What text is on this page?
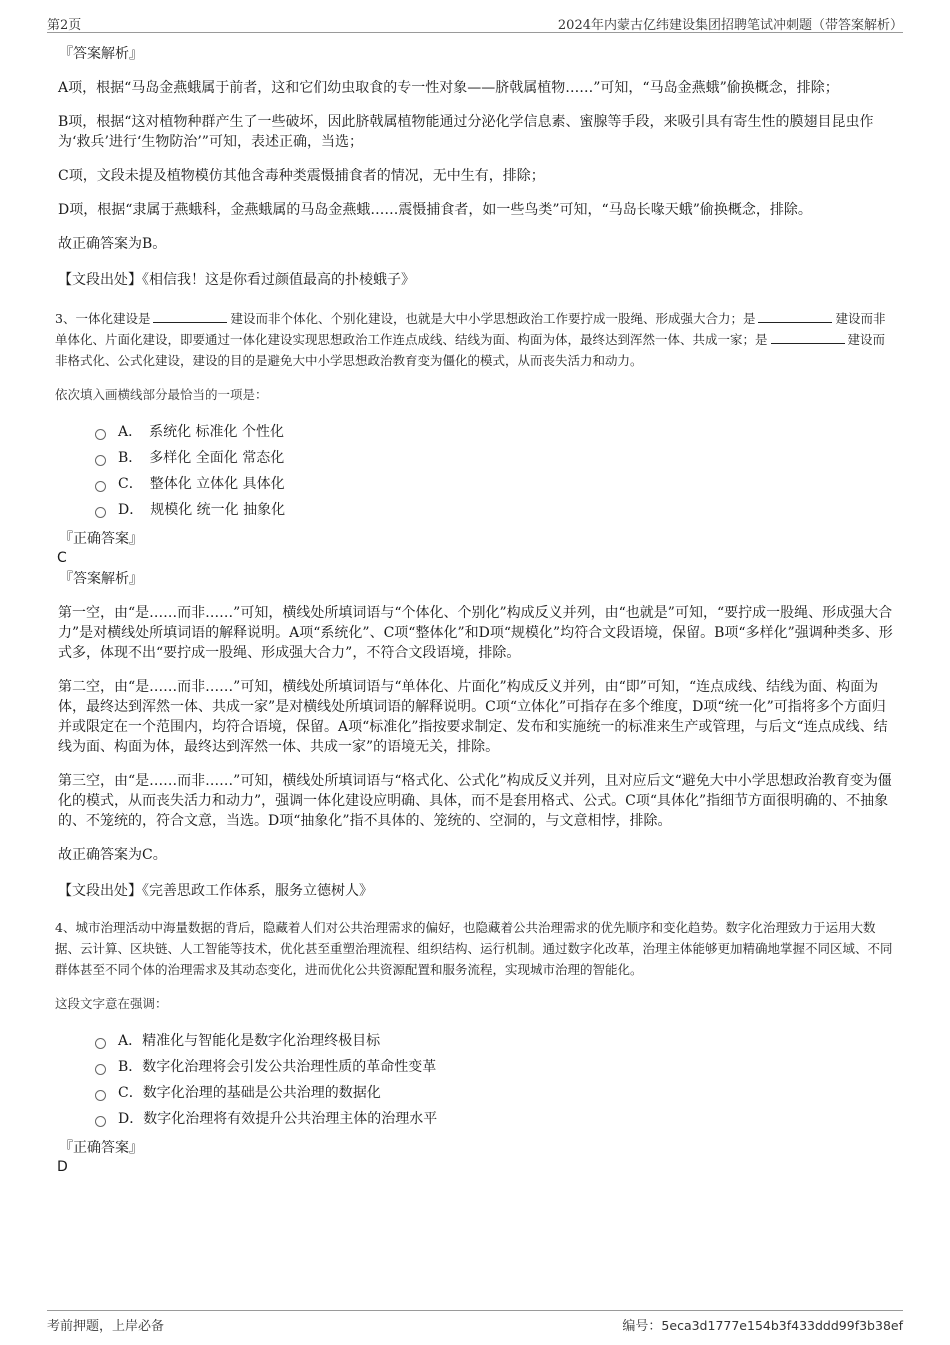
第2页	2024年内蒙古亿纬建设集团招聘笔试冲刺题（带答案解析）
『答案解析』
A项，根据“马岛金燕蛾属于前者，这和它们幼虫取食的专一性对象——脐戟属植物……”可知，“马岛金燕蛾”偷换概念，排除；
B项，根据“这对植物种群产生了一些破坏，因此脐戟属植物能通过分泌化学信息素、蜜腺等手段，来吸引具有寄生性的膜翅目昆虫作为‘救兵’进行‘生物防治’”可知，表述正确，当选；
C项，文段未提及植物模仿其他含毒种类震慑捕食者的情况，无中生有，排除；
D项，根据“隶属于燕蛾科，金燕蛾属的马岛金燕蛾……震慑捕食者，如一些鸟类”可知，“马岛长喙天蛾”偷换概念，排除。
故正确答案为B。
【文段出处】《相信我！这是你看过颜值最高的扑棱蛾子》
3、一体化建设是	建设而非个体化、个别化建设，也就是大中小学思想政治工作要拧成一股绳、形成强大合力；是	建设而非单体化、片面化建设，即要通过一体化建设实现思想政治工作连点成线、结线为面、构面为体，最终达到浑然一体、共成一家；是	建设而非格式化、公式化建设，建设的目的是避免大中小学思想政治教育变为僵化的模式，从而丧失活力和动力。
依次填入画横线部分最恰当的一项是：
A．　系统化 标准化 个性化
B．　多样化 全面化 常态化
C．　整体化 立体化 具体化
D．　规模化 统一化 抽象化
『正确答案』
C
『答案解析』
第一空，由“是……而非……”可知，横线处所填词语与“个体化、个别化”构成反义并列，由“也就是”可知，“要拧成一股绳、形成强大合力”是对横线处所填词语的解释说明。A项“系统化”、C项“整体化”和D项“规模化”均符合文段语境，保留。B项“多样化”强调种类多、形式多，体现不出“要拧成一股绳、形成强大合力”，不符合文段语境，排除。
第二空，由“是……而非……”可知，横线处所填词语与“单体化、片面化”构成反义并列，由“即”可知，“连点成线、结线为面、构面为体，最终达到浑然一体、共成一家”是对横线处所填词语的解释说明。C项“立体化”可指存在多个维度，D项“统一化”可指将多个方面归并或限定在一个范围内，均符合语境，保留。A项“标准化”指按要求制定、发布和实施统一的标准来生产或管理，与后文“连点成线、结线为面、构面为体，最终达到浑然一体、共成一家”的语境无关，排除。
第三空，由“是……而非……”可知，横线处所填词语与“格式化、公式化”构成反义并列，且对应后文“避免大中小学思想政治教育变为僵化的模式，从而丧失活力和动力”，强调一体化建设应明确、具体，而不是套用格式、公式。C项“具体化”指细节方面很明确的、不抽象的、不笼统的，符合文意，当选。D项“抽象化”指不具体的、笼统的、空洞的，与文意相悖，排除。
故正确答案为C。
【文段出处】《完善思政工作体系，服务立德树人》
4、城市治理活动中海量数据的背后，隐藏着人们对公共治理需求的偏好，也隐藏着公共治理需求的优先顺序和变化趋势。数字化治理致力于运用大数据、云计算、区块链、人工智能等技术，优化甚至重塑治理流程、组织结构、运行机制。通过数字化改革，治理主体能够更加精确地掌握不同区域、不同群体甚至不同个体的治理需求及其动态变化，进而优化公共资源配置和服务流程，实现城市治理的智能化。
这段文字意在强调：
A．精准化与智能化是数字化治理终极目标
B．数字化治理将会引发公共治理性质的革命性变革
C．数字化治理的基础是公共治理的数据化
D．数字化治理将有效提升公共治理主体的治理水平
『正确答案』
D
考前押题，上岸必备	编号：5eca3d1777e154b3f433ddd99f3b38ef
